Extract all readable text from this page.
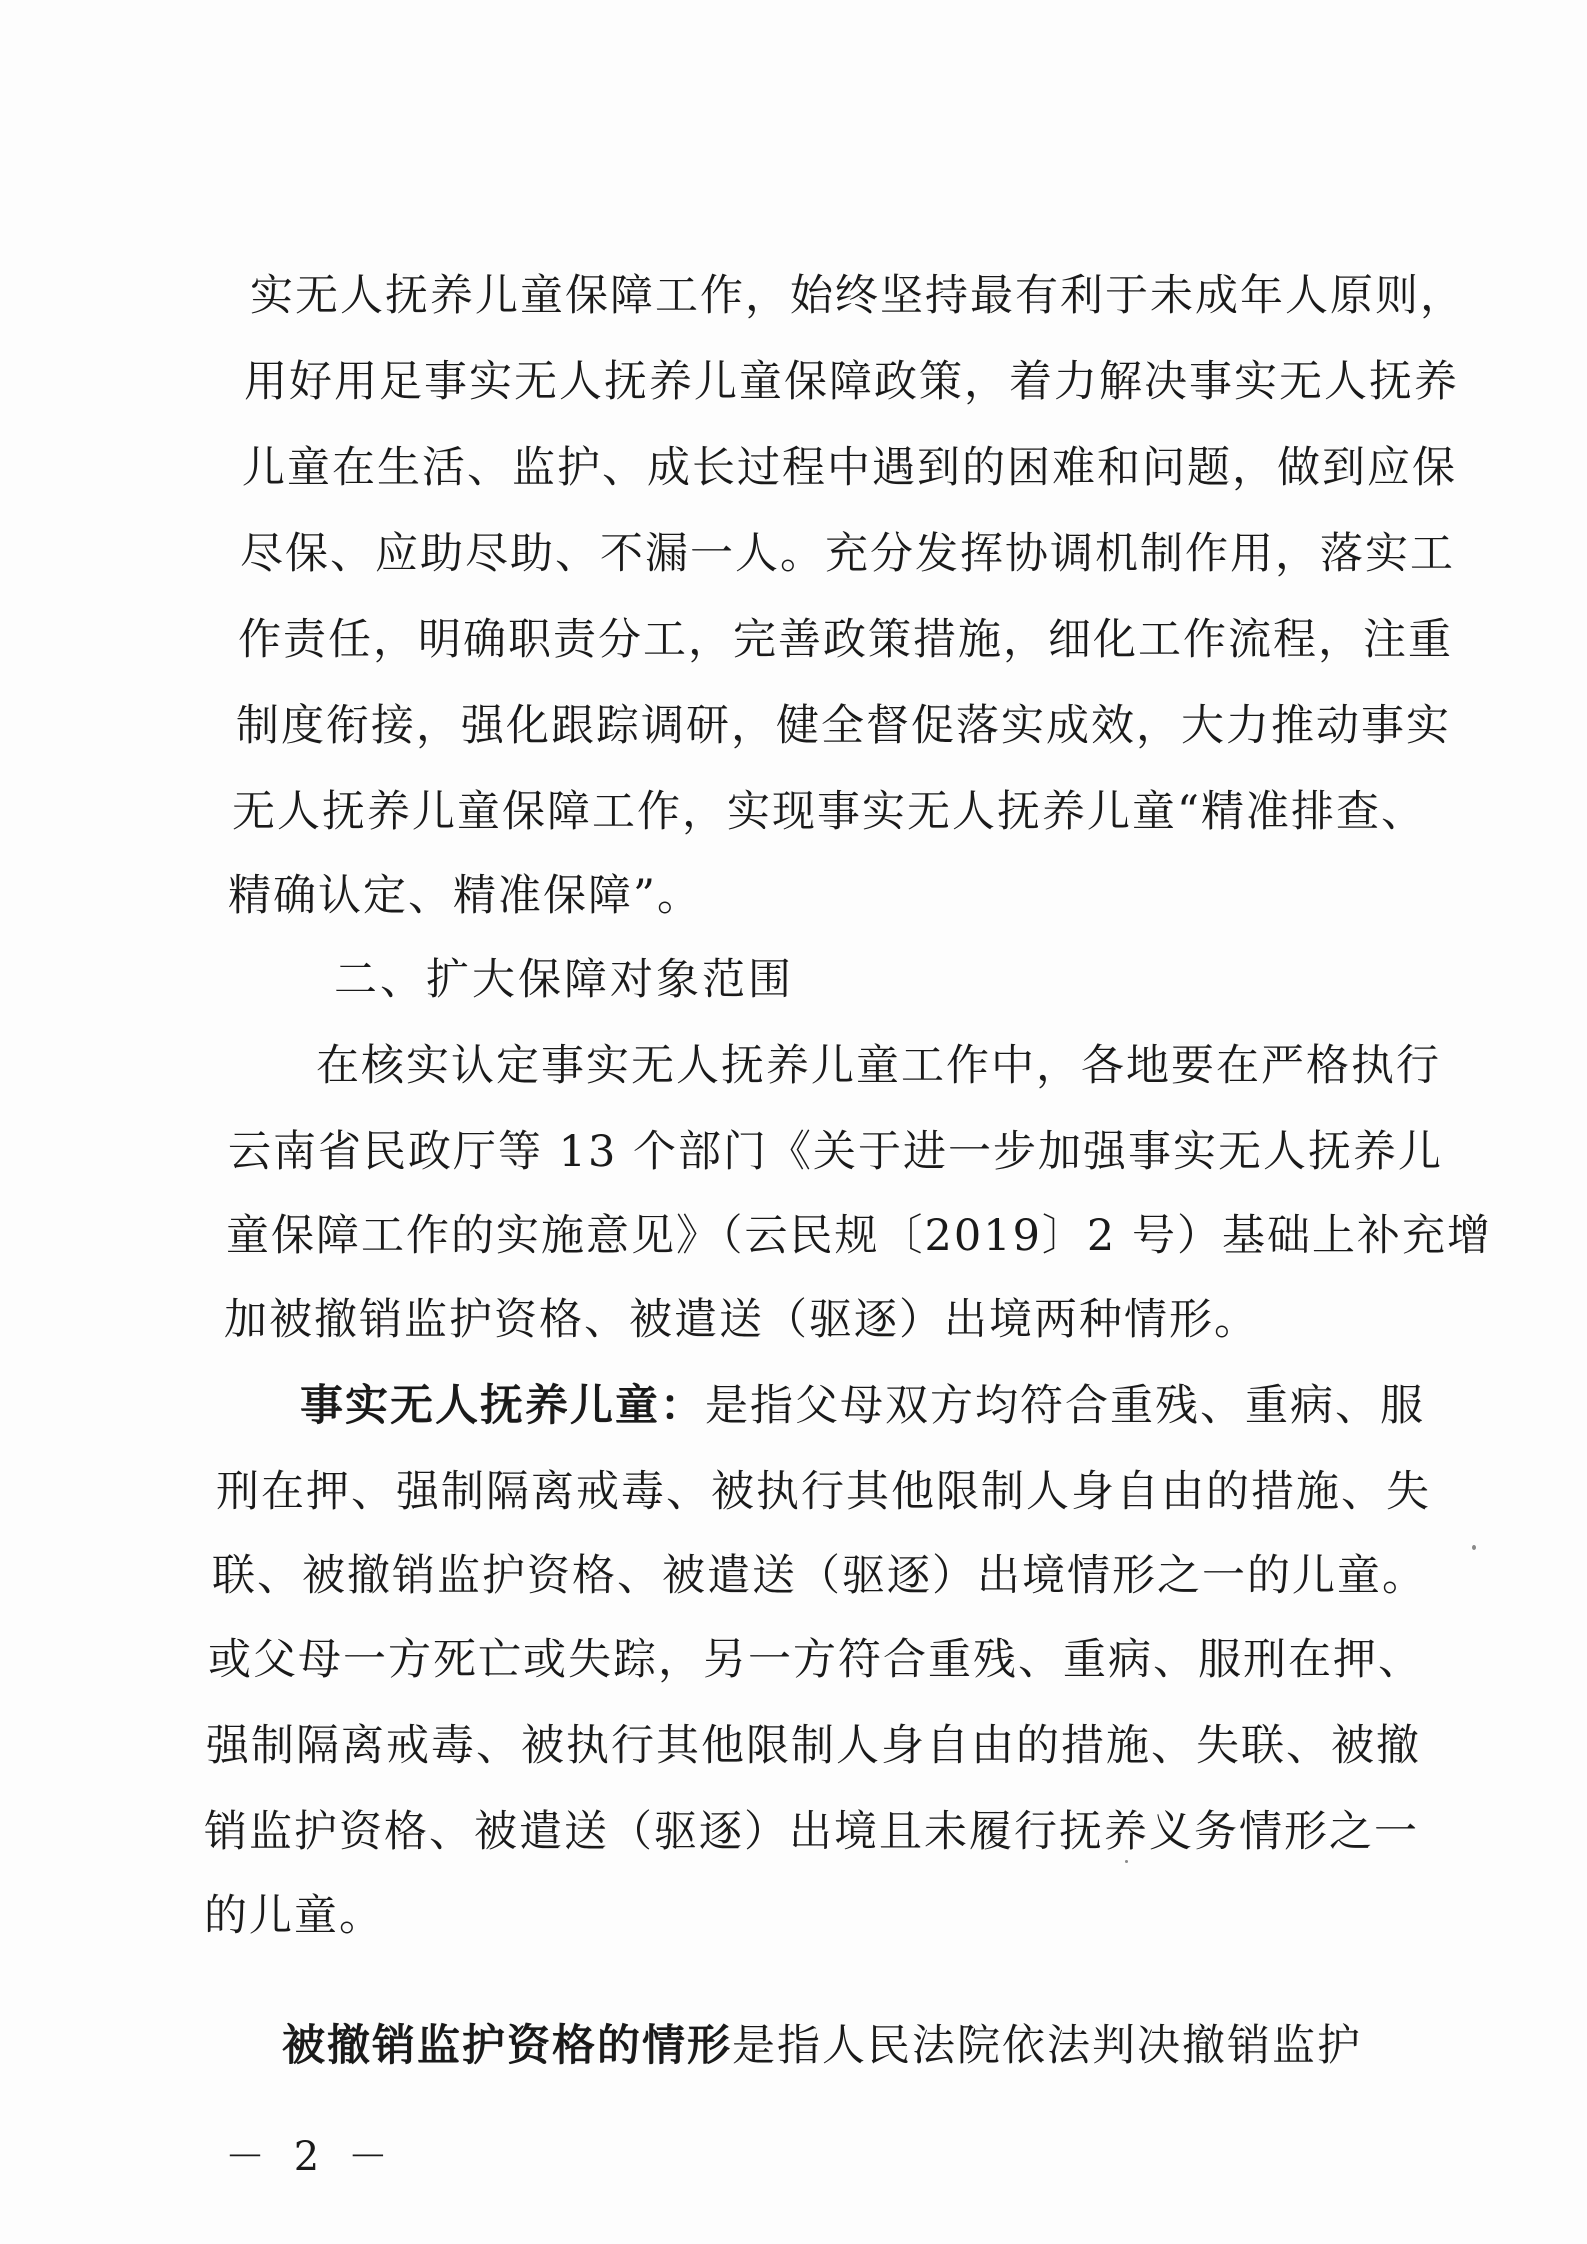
实无人抚养儿童保障工作，始终坚持最有利于未成年人原则，
用好用足事实无人抚养儿童保障政策，着力解决事实无人抚养
儿童在生活、监护、成长过程中遇到的困难和问题，做到应保
尽保、应助尽助、不漏一人。充分发挥协调机制作用，落实工
作责任，明确职责分工，完善政策措施，细化工作流程，注重
制度衔接，强化跟踪调研，健全督促落实成效，大力推动事实
无人抚养儿童保障工作，实现事实无人抚养儿童“精准排查、
精确认定、精准保障”。
二、扩大保障对象范围
在核实认定事实无人抚养儿童工作中，各地要在严格执行
云南省民政厅等 13 个部门《关于进一步加强事实无人抚养儿
童保障工作的实施意见》（云民规〔2019〕2 号）基础上补充增
加被撤销监护资格、被遣送（驱逐）出境两种情形。
事实无人抚养儿童：是指父母双方均符合重残、重病、服
刑在押、强制隔离戒毒、被执行其他限制人身自由的措施、失
联、被撤销监护资格、被遣送（驱逐）出境情形之一的儿童。
或父母一方死亡或失踪，另一方符合重残、重病、服刑在押、
强制隔离戒毒、被执行其他限制人身自由的措施、失联、被撤
销监护资格、被遣送（驱逐）出境且未履行抚养义务情形之一
的儿童。
被撤销监护资格的情形是指人民法院依法判决撤销监护
－ 2 －
